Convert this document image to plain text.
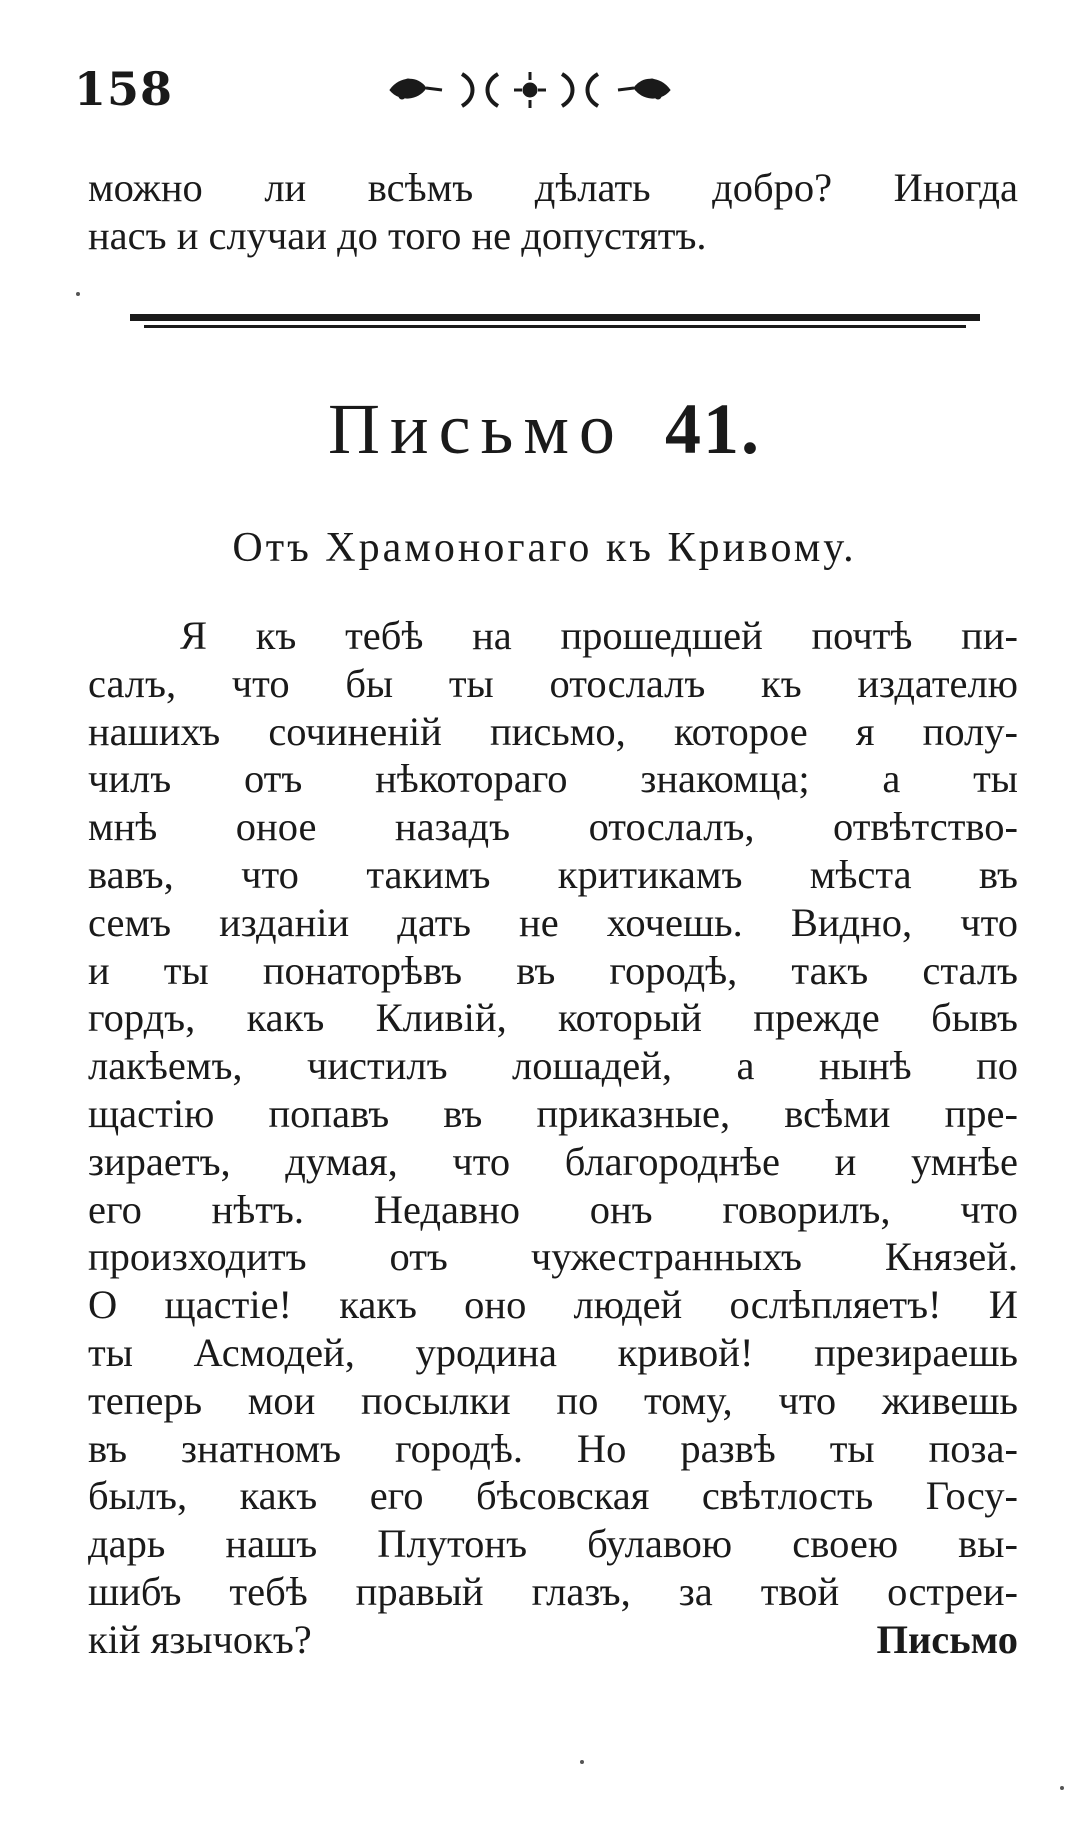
158
можно ли всѣмъ дѣлать добро? Иногда
насъ и случаи до того не допустятъ.
Письмо 41.
Отъ Храмоногаго къ Кривому.
Я къ тебѣ на прошедшей почтѣ пи-
салъ, что бы ты отослалъ къ издателю
нашихъ сочиненiй письмо, которое я полу-
чилъ отъ нѣкотораго знакомца; а ты
мнѣ оное назадъ отослалъ, отвѣтство-
вавъ, что такимъ критикамъ мѣста въ
семъ изданiи дать не хочешь. Видно, что
и ты понаторѣвъ въ городѣ, такъ сталъ
гордъ, какъ Кливiй, который прежде бывъ
лакѣемъ, чистилъ лошадей, а нынѣ по
щастiю попавъ въ приказные, всѣми пре-
зираетъ, думая, что благороднѣе и умнѣе
его нѣтъ. Недавно онъ говорилъ, что
произходитъ отъ чужестранныхъ Князей.
О щастiе! какъ оно людей ослѣпляетъ! И
ты Асмодей, уродина кривой! презираешь
теперь мои посылки по тому, что живешь
въ знатномъ городѣ. Но развѣ ты поза-
былъ, какъ его бѣсовская свѣтлость Госу-
дарь нашъ Плутонъ булавою своею вы-
шибъ тебѣ правый глазъ, за твой остреи-
кiй язычокъ?	Письмо
